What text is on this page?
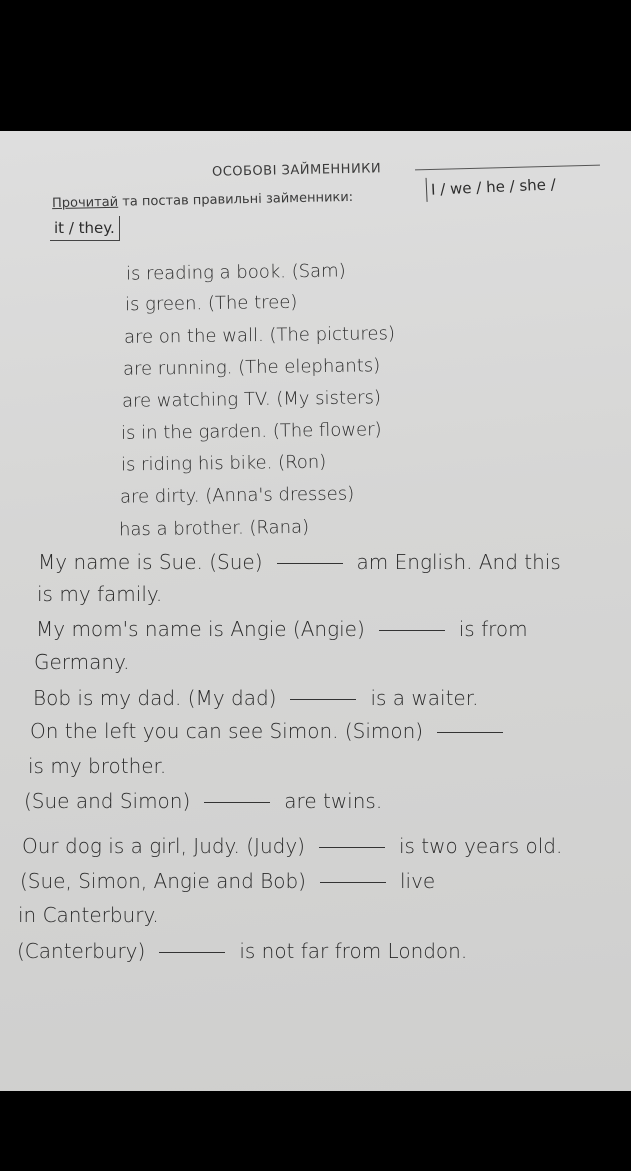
ОСОБОВІ ЗАЙМЕННИКИ
Прочитай та постав правильні займенники:
I / we / he / she /
it / they.
is reading a book. (Sam)
is green. (The tree)
are on the wall. (The pictures)
are running. (The elephants)
are watching TV. (My sisters)
is in the garden. (The flower)
is riding his bike. (Ron)
are dirty. (Anna's dresses)
has a brother. (Rana)
My name is Sue. (Sue)	am English. And this
is my family.
My mom's name is Angie (Angie)	is from
Germany.
Bob is my dad. (My dad)	is a waiter.
On the left you can see Simon. (Simon)
is my brother.
(Sue and Simon)	are twins.
Our dog is a girl, Judy. (Judy)	is two years old.
(Sue, Simon, Angie and Bob)	live
in Canterbury.
(Canterbury)	is not far from London.
